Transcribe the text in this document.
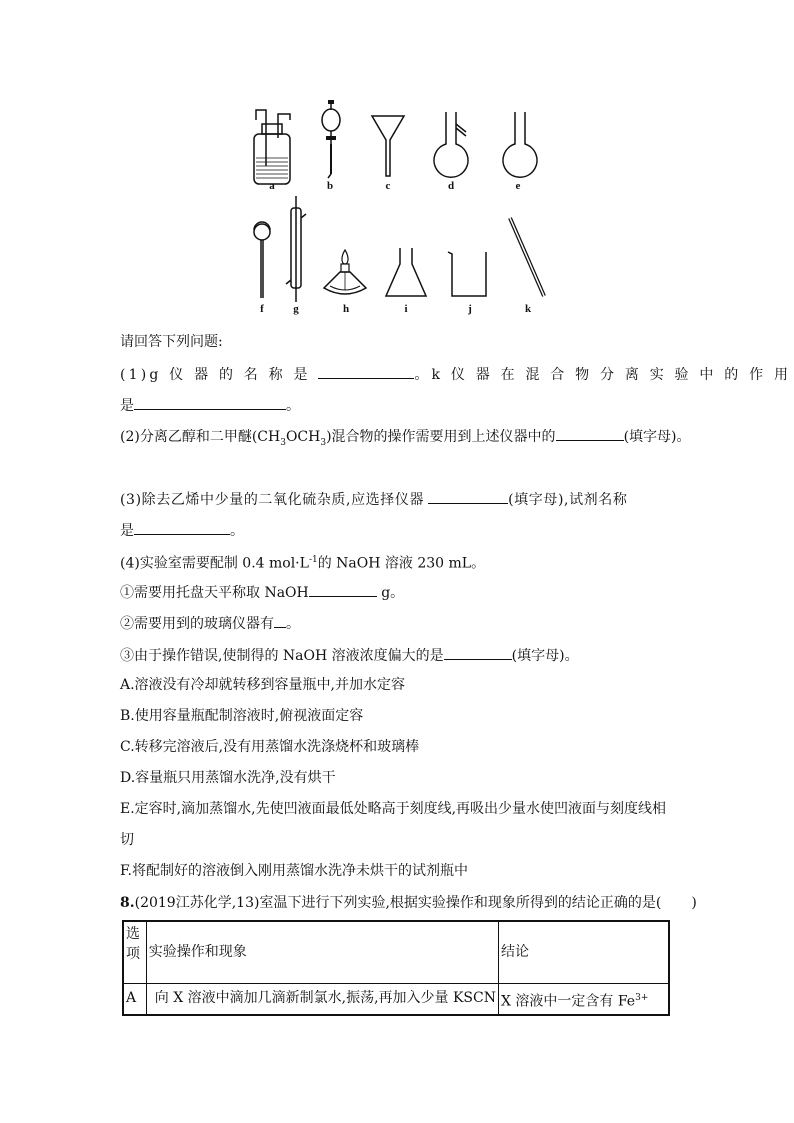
a	b	c	d	e
f	g	h	i	j	k
请回答下列问题:
(1)g 仪 器 的 名 称 是	。k 仪 器 在 混 合 物 分 离 实 验 中 的 作 用
是	。
(2)分离乙醇和二甲醚$(CH_3OCH_3)$混合物的操作需要用到上述仪器中的	(填字母)。
(3)除去乙烯中少量的二氧化硫杂质,应选择仪器	(填字母),试剂名称
是	。
(4)实验室需要配制 0.4 $mol\cdot L^{-1}$的 NaOH 溶液 230 mL。
①需要用托盘天平称取 NaOH	g。
②需要用到的玻璃仪器有 。
③由于操作错误,使制得的 NaOH 溶液浓度偏大的是	(填字母)。
A.溶液没有冷却就转移到容量瓶中,并加水定容
B.使用容量瓶配制溶液时,俯视液面定容
C.转移完溶液后,没有用蒸馏水洗涤烧杯和玻璃棒
D.容量瓶只用蒸馏水洗净,没有烘干
E.定容时,滴加蒸馏水,先使凹液面最低处略高于刻度线,再吸出少量水使凹液面与刻度线相
切
F.将配制好的溶液倒入刚用蒸馏水洗净未烘干的试剂瓶中
8.(2019江苏化学,13)室温下进行下列实验,根据实验操作和现象所得到的结论正确的是( )
选项	实验操作和现象	结论
A	向 X 溶液中滴加几滴新制氯水,振荡,再加入少量 KSCN	X 溶液中一定含有 $Fe^{3+}$
